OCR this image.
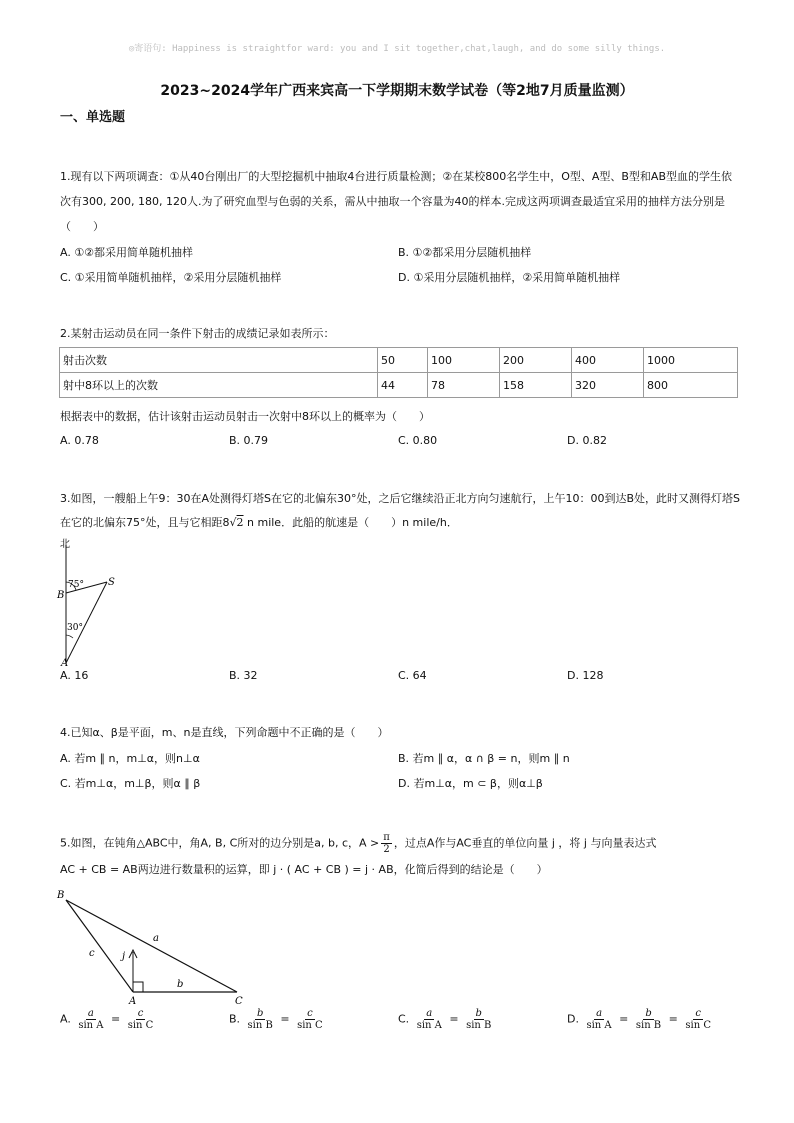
◎寄语句: Happiness is straightfor ward: you and I sit together,chat,laugh, and do some silly things.
2023~2024学年广西来宾高一下学期期末数学试卷（等2地7月质量监测）
一、单选题
1.现有以下两项调查：①从40台刚出厂的大型挖掘机中抽取4台进行质量检测；②在某校800名学生中，O型、A型、B型和AB型血的学生依
次有300, 200, 180, 120人.为了研究血型与色弱的关系，需从中抽取一个容量为40的样本.完成这两项调查最适宜采用的抽样方法分别是
（　　）
A. ①②都采用简单随机抽样	B. ①②都采用分层随机抽样
C. ①采用简单随机抽样，②采用分层随机抽样	D. ①采用分层随机抽样，②采用简单随机抽样
2.某射击运动员在同一条件下射击的成绩记录如表所示：
射击次数	50	100	200	400	1000
射中8环以上的次数	44	78	158	320	800
根据表中的数据，估计该射击运动员射击一次射中8环以上的概率为（　　）
A. 0.78	B. 0.79	C. 0.80	D. 0.82
3.如图，一艘船上午9：30在A处测得灯塔S在它的北偏东30°处，之后它继续沿正北方向匀速航行，上午10：00到达B处，此时又测得灯塔S
在它的北偏东75°处，且与它相距8√2 n mile．此船的航速是（　　）n mile/h．
北
75°
30°
B
S
A
A. 16	B. 32	C. 64	D. 128
4.已知α、β是平面，m、n是直线，下列命题中不正确的是（　　）
A. 若m ∥ n，m⊥α，则n⊥α	B. 若m ∥ α，α ∩ β = n，则m ∥ n
C. 若m⊥α，m⊥β，则α ∥ β	D. 若m⊥α，m ⊂ β，则α⊥β
5.如图，在钝角△ABC中，角A, B, C所对的边分别是a, b, c，$A > \frac{\pi}{2}$ ，过点A作与AC垂直的单位向量 j ，将 j 与向量表达式
AC + CB = AB两边进行数量积的运算，即 j · ( AC + CB ) = j · AB，化简后得到的结论是（　　）
B
A	C
a
b
c	j
A. $\frac{a}{\text{sin A}} = \frac{c}{\text{sin C}}$	B. $\frac{b}{\text{sin B}} = \frac{c}{\text{sin C}}$	C. $\frac{a}{\text{sin A}} = \frac{b}{\text{sin B}}$	D. $\frac{a}{\text{sin A}} = \frac{b}{\text{sin B}} = \frac{c}{\text{sin C}}$
